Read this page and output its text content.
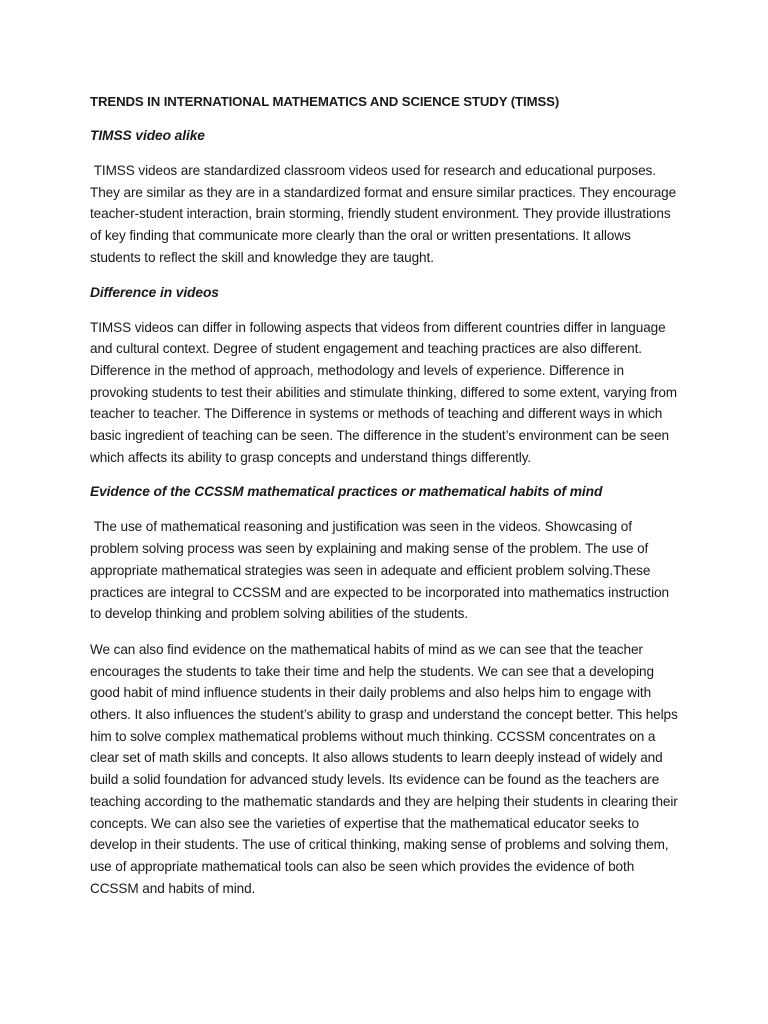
TRENDS IN INTERNATIONAL MATHEMATICS AND SCIENCE STUDY (TIMSS)
TIMSS video alike

TIMSS videos are standardized classroom videos used for research and educational purposes. They are similar as they are in a standardized format and ensure similar practices. They encourage teacher-student interaction, brain storming, friendly student environment. They provide illustrations of key finding that communicate more clearly than the oral or written presentations. It allows students to reflect the skill and knowledge they are taught.

Difference in videos

TIMSS videos can differ in following aspects that videos from different countries differ in language and cultural context. Degree of student engagement and teaching practices are also different. Difference in the method of approach, methodology and levels of experience. Difference in provoking students to test their abilities and stimulate thinking, differed to some extent, varying from teacher to teacher. The Difference in systems or methods of teaching and different ways in which basic ingredient of teaching can be seen. The difference in the student’s environment can be seen which affects its ability to grasp concepts and understand things differently.

Evidence of the CCSSM mathematical practices or mathematical habits of mind

The use of mathematical reasoning and justification was seen in the videos. Showcasing of problem solving process was seen by explaining and making sense of the problem. The use of appropriate mathematical strategies was seen in adequate and efficient problem solving.These practices are integral to CCSSM and are expected to be incorporated into mathematics instruction to develop thinking and problem solving abilities of the students.

We can also find evidence on the mathematical habits of mind as we can see that the teacher encourages the students to take their time and help the students. We can see that a developing good habit of mind influence students in their daily problems and also helps him to engage with others. It also influences the student’s ability to grasp and understand the concept better. This helps him to solve complex mathematical problems without much thinking. CCSSM concentrates on a clear set of math skills and concepts. It also allows students to learn deeply instead of widely and build a solid foundation for advanced study levels. Its evidence can be found as the teachers are teaching according to the mathematic standards and they are helping their students in clearing their concepts. We can also see the varieties of expertise that the mathematical educator seeks to develop in their students. The use of critical thinking, making sense of problems and solving them, use of appropriate mathematical tools can also be seen which provides the evidence of both CCSSM and habits of mind.
